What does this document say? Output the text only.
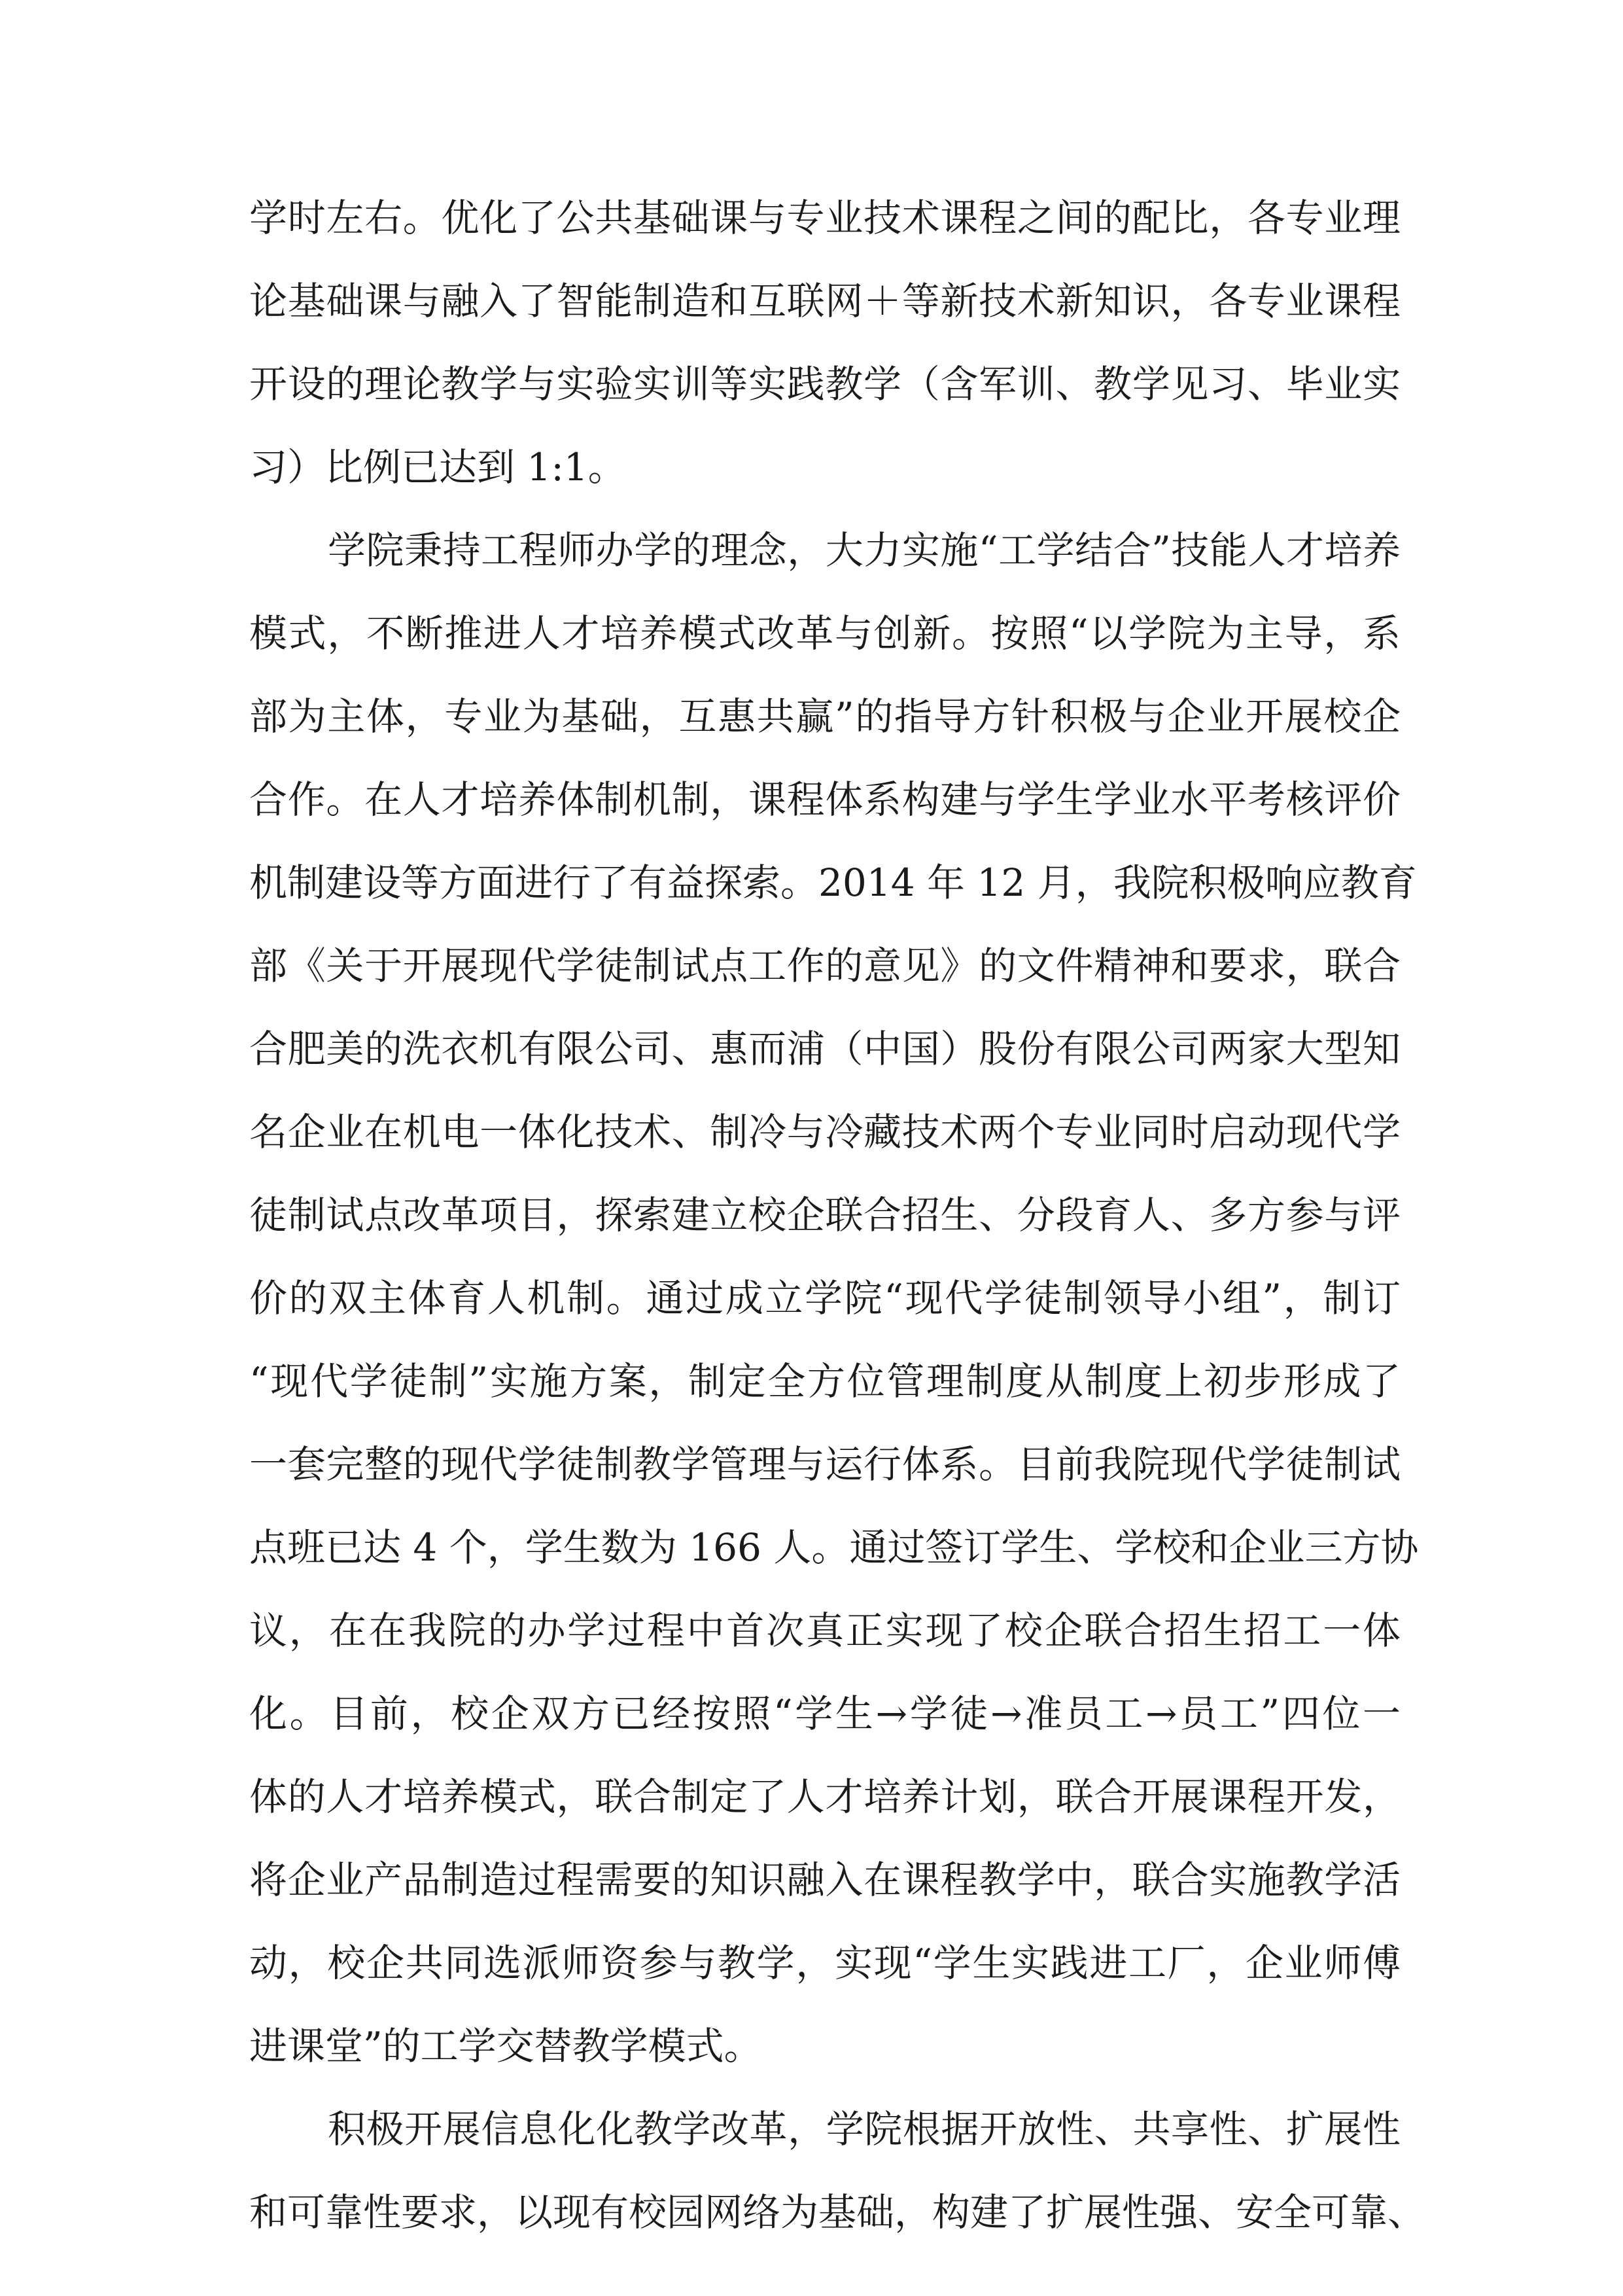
学时左右。优化了公共基础课与专业技术课程之间的配比，各专业理
论基础课与融入了智能制造和互联网＋等新技术新知识，各专业课程
开设的理论教学与实验实训等实践教学（含军训、教学见习、毕业实
习）比例已达到 1:1。
学院秉持工程师办学的理念，大力实施“工学结合”技能人才培养
模式，不断推进人才培养模式改革与创新。按照“以学院为主导，系
部为主体，专业为基础，互惠共赢”的指导方针积极与企业开展校企
合作。在人才培养体制机制，课程体系构建与学生学业水平考核评价
机制建设等方面进行了有益探索。2014 年 12 月，我院积极响应教育
部《关于开展现代学徒制试点工作的意见》的文件精神和要求，联合
合肥美的洗衣机有限公司、惠而浦（中国）股份有限公司两家大型知
名企业在机电一体化技术、制冷与冷藏技术两个专业同时启动现代学
徒制试点改革项目，探索建立校企联合招生、分段育人、多方参与评
价的双主体育人机制。通过成立学院“现代学徒制领导小组”，制订
“现代学徒制”实施方案，制定全方位管理制度从制度上初步形成了
一套完整的现代学徒制教学管理与运行体系。目前我院现代学徒制试
点班已达 4 个，学生数为 166 人。通过签订学生、学校和企业三方协
议，在在我院的办学过程中首次真正实现了校企联合招生招工一体
化。目前，校企双方已经按照“学生→学徒→准员工→员工”四位一
体的人才培养模式，联合制定了人才培养计划，联合开展课程开发，
将企业产品制造过程需要的知识融入在课程教学中，联合实施教学活
动，校企共同选派师资参与教学，实现“学生实践进工厂，企业师傅
进课堂”的工学交替教学模式。
积极开展信息化化教学改革，学院根据开放性、共享性、扩展性
和可靠性要求，以现有校园网络为基础，构建了扩展性强、安全可靠、
